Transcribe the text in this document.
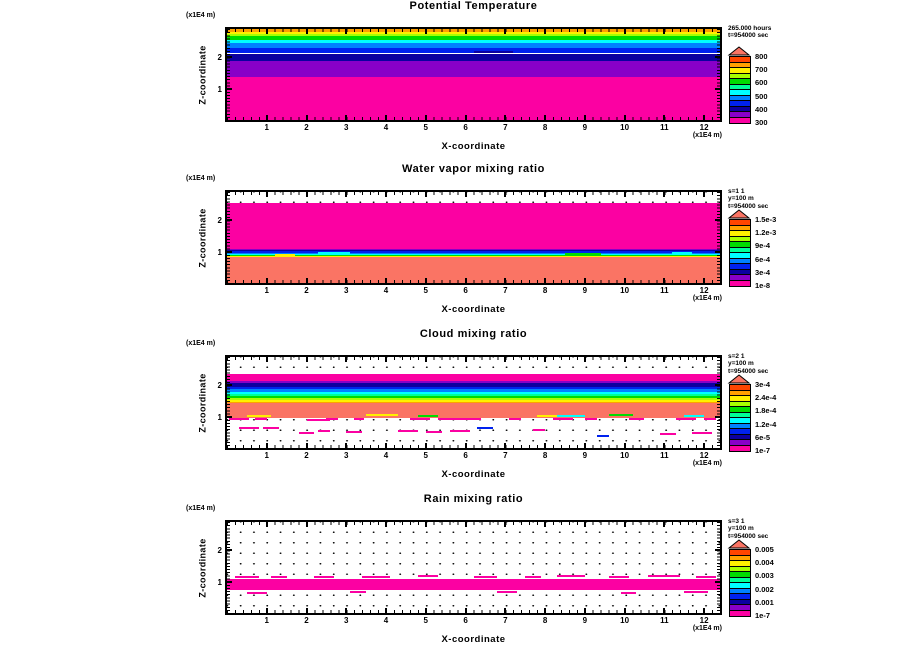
Potential Temperature
(x1E4 m)
Z-coordinate
1	2	3	4	5	6	7	8	9	10	11	12
1
2
(x1E4 m)
X-coordinate
265.000 hours
t=954000 sec
800
700
600
500
400
300
Water vapor mixing ratio
(x1E4 m)
Z-coordinate
1	2	3	4	5	6	7	8	9	10	11	12
1
2
(x1E4 m)
X-coordinate
s=1 1
y=100 m
t=954000 sec
1.5e-3
1.2e-3
9e-4
6e-4
3e-4
1e-8
Cloud mixing ratio
(x1E4 m)
Z-coordinate
1	2	3	4	5	6	7	8	9	10	11	12
1
2
(x1E4 m)
X-coordinate
s=2 1
y=100 m
t=954000 sec
3e-4
2.4e-4
1.8e-4
1.2e-4
6e-5
1e-7
Rain mixing ratio
(x1E4 m)
Z-coordinate
1	2	3	4	5	6	7	8	9	10	11	12
1
2
(x1E4 m)
X-coordinate
s=3 1
y=100 m
t=954000 sec
0.005
0.004
0.003
0.002
0.001
1e-7
